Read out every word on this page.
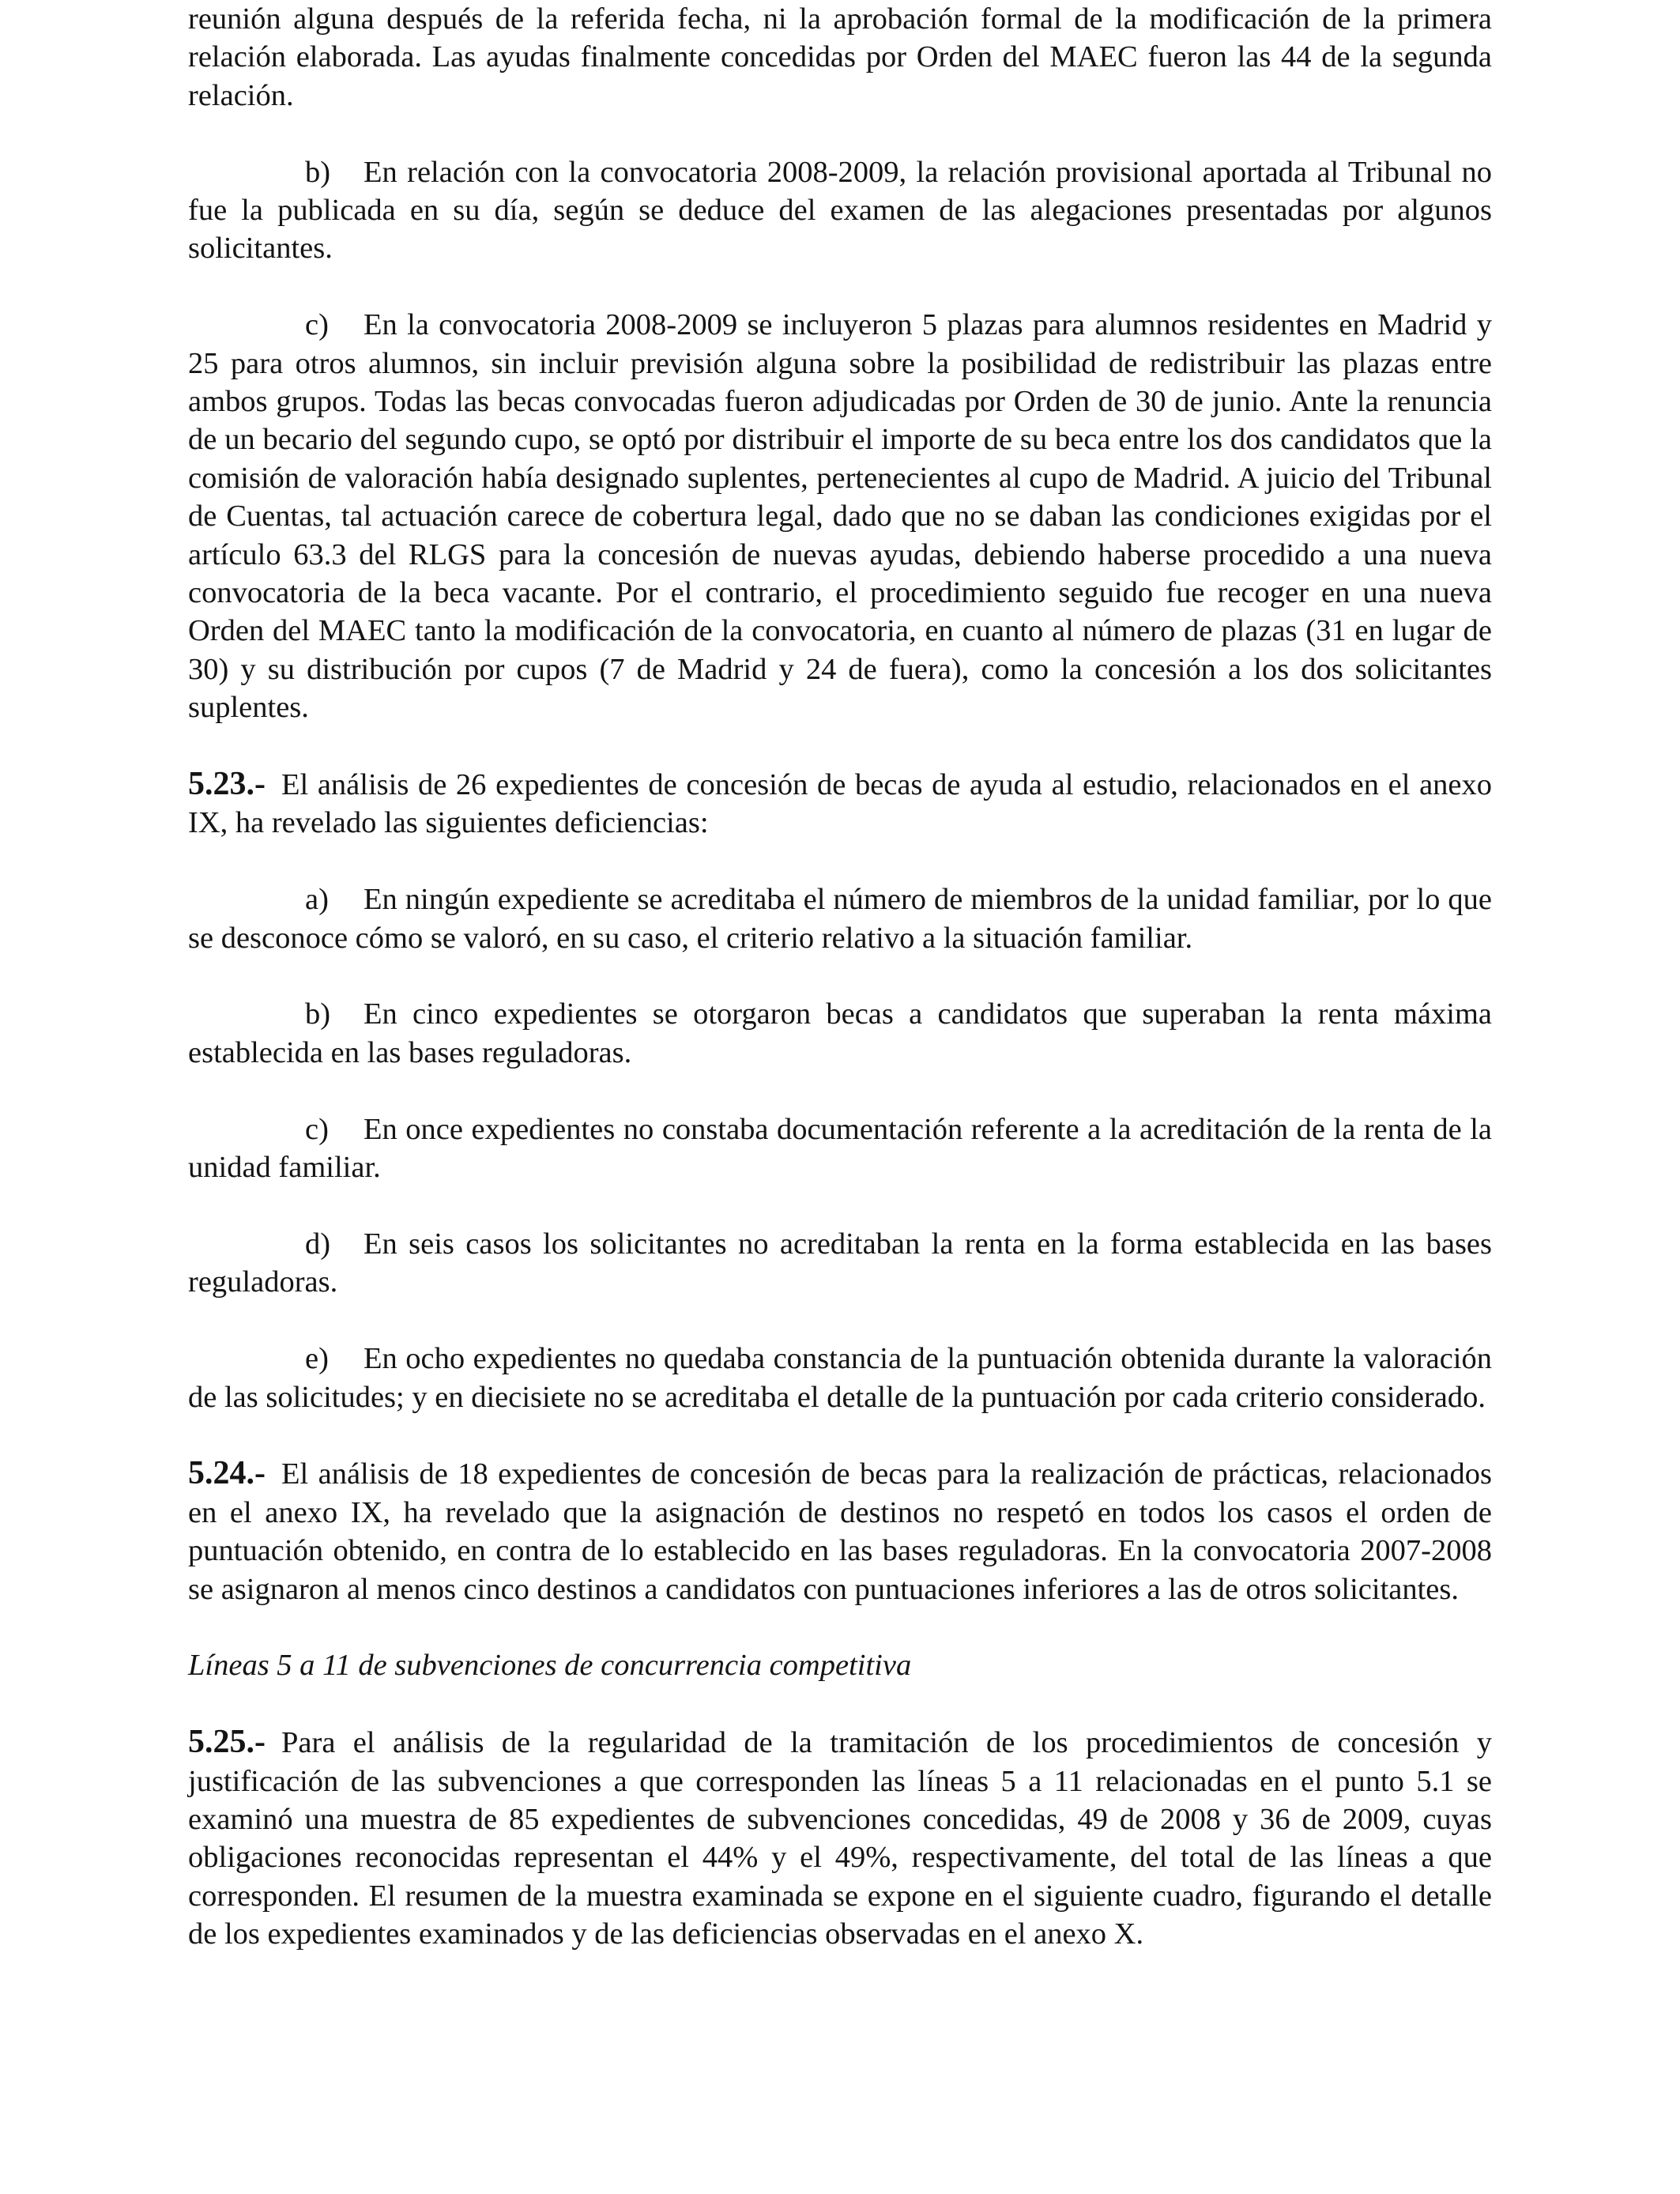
reunión alguna después de la referida fecha, ni la aprobación formal de la modificación de la primera relación elaborada. Las ayudas finalmente concedidas por Orden del MAEC fueron las 44 de la segunda relación.

b) En relación con la convocatoria 2008-2009, la relación provisional aportada al Tribunal no fue la publicada en su día, según se deduce del examen de las alegaciones presentadas por algunos solicitantes.

c) En la convocatoria 2008-2009 se incluyeron 5 plazas para alumnos residentes en Madrid y 25 para otros alumnos, sin incluir previsión alguna sobre la posibilidad de redistribuir las plazas entre ambos grupos. Todas las becas convocadas fueron adjudicadas por Orden de 30 de junio. Ante la renuncia de un becario del segundo cupo, se optó por distribuir el importe de su beca entre los dos candidatos que la comisión de valoración había designado suplentes, pertenecientes al cupo de Madrid. A juicio del Tribunal de Cuentas, tal actuación carece de cobertura legal, dado que no se daban las condiciones exigidas por el artículo 63.3 del RLGS para la concesión de nuevas ayudas, debiendo haberse procedido a una nueva convocatoria de la beca vacante. Por el contrario, el procedimiento seguido fue recoger en una nueva Orden del MAEC tanto la modificación de la convocatoria, en cuanto al número de plazas (31 en lugar de 30) y su distribución por cupos (7 de Madrid y 24 de fuera), como la concesión a los dos solicitantes suplentes.

5.23.- El análisis de 26 expedientes de concesión de becas de ayuda al estudio, relacionados en el anexo IX, ha revelado las siguientes deficiencias:

a) En ningún expediente se acreditaba el número de miembros de la unidad familiar, por lo que se desconoce cómo se valoró, en su caso, el criterio relativo a la situación familiar.

b) En cinco expedientes se otorgaron becas a candidatos que superaban la renta máxima establecida en las bases reguladoras.

c) En once expedientes no constaba documentación referente a la acreditación de la renta de la unidad familiar.

d) En seis casos los solicitantes no acreditaban la renta en la forma establecida en las bases reguladoras.

e) En ocho expedientes no quedaba constancia de la puntuación obtenida durante la valoración de las solicitudes; y en diecisiete no se acreditaba el detalle de la puntuación por cada criterio considerado.

5.24.- El análisis de 18 expedientes de concesión de becas para la realización de prácticas, relacionados en el anexo IX, ha revelado que la asignación de destinos no respetó en todos los casos el orden de puntuación obtenido, en contra de lo establecido en las bases reguladoras. En la convocatoria 2007-2008 se asignaron al menos cinco destinos a candidatos con puntuaciones inferiores a las de otros solicitantes.

Líneas 5 a 11 de subvenciones de concurrencia competitiva

5.25.- Para el análisis de la regularidad de la tramitación de los procedimientos de concesión y justificación de las subvenciones a que corresponden las líneas 5 a 11 relacionadas en el punto 5.1 se examinó una muestra de 85 expedientes de subvenciones concedidas, 49 de 2008 y 36 de 2009, cuyas obligaciones reconocidas representan el 44% y el 49%, respectivamente, del total de las líneas a que corresponden. El resumen de la muestra examinada se expone en el siguiente cuadro, figurando el detalle de los expedientes examinados y de las deficiencias observadas en el anexo X.
